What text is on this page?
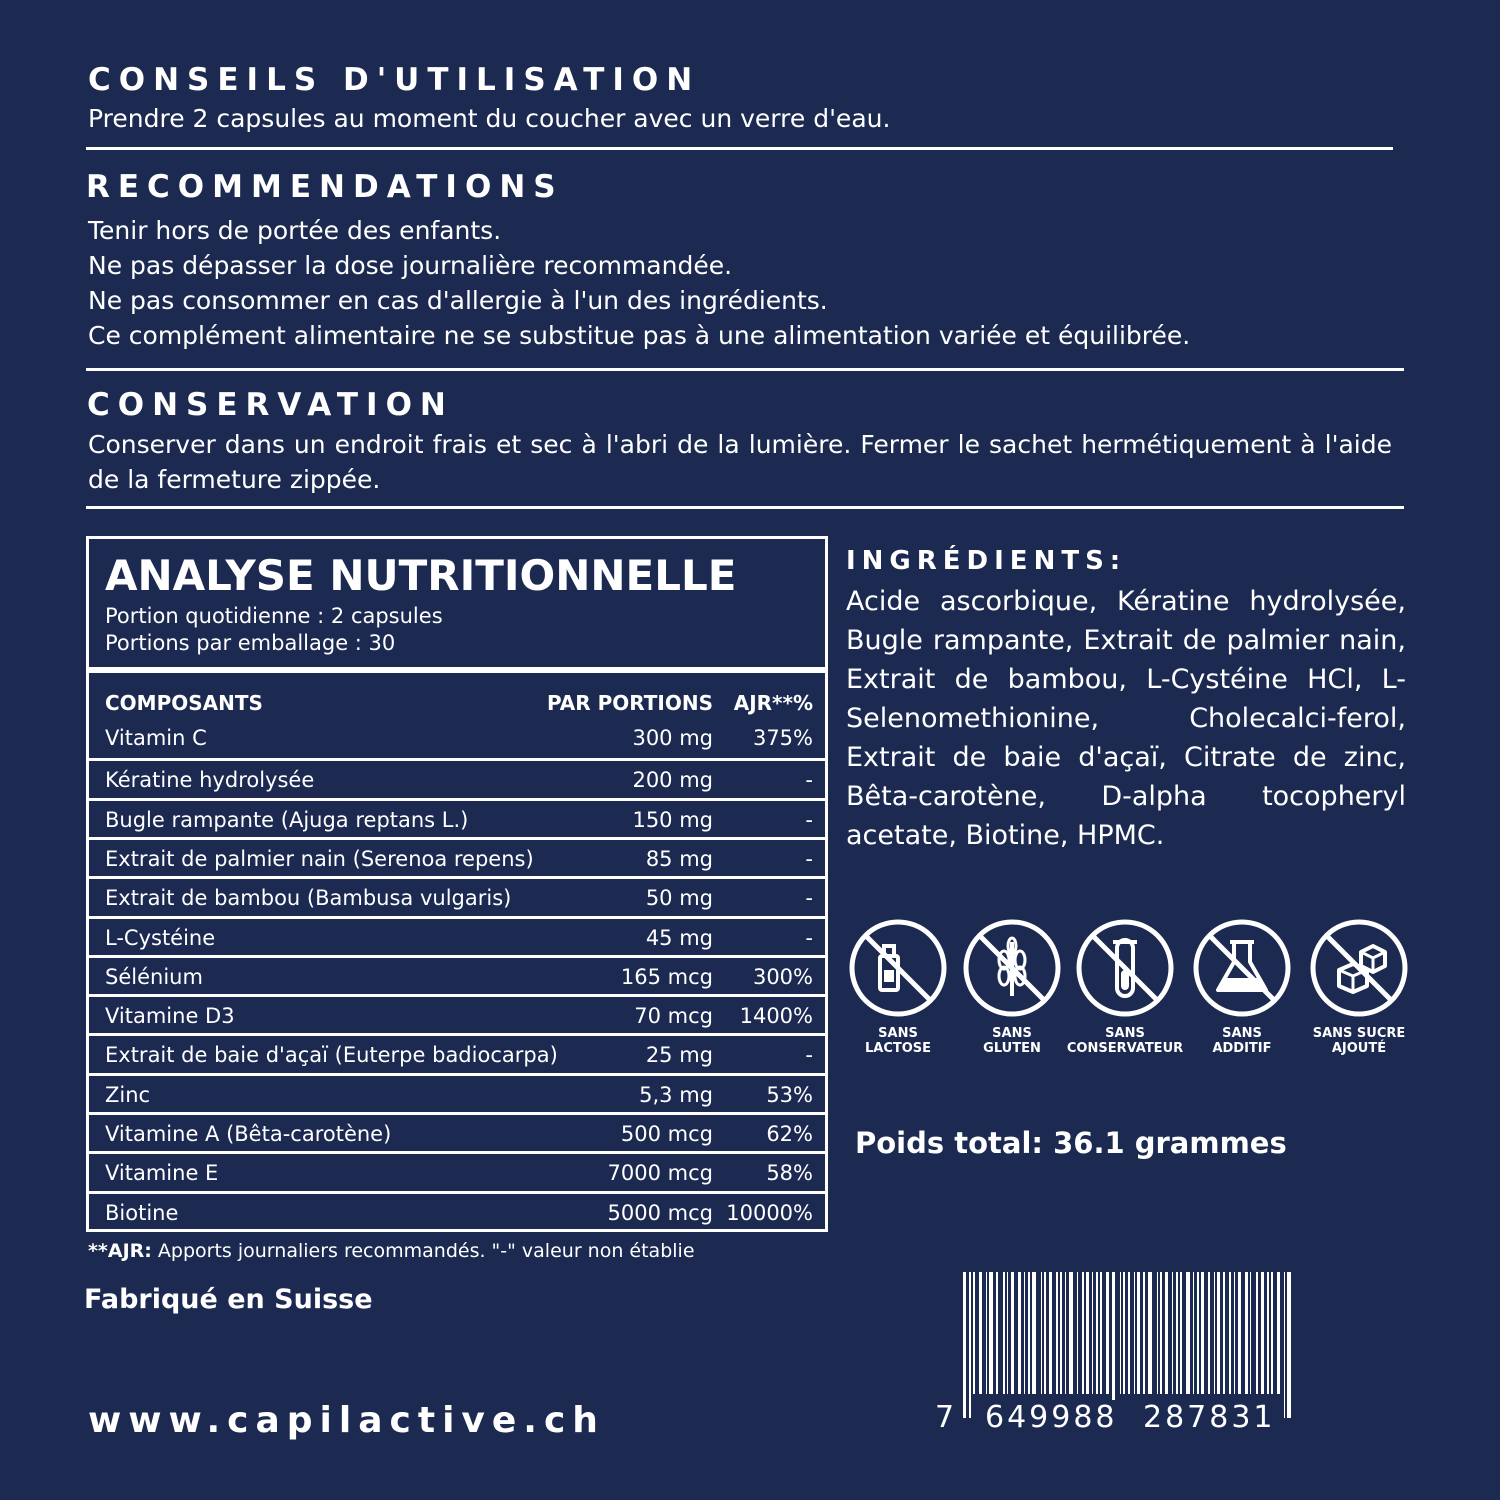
CONSEILS D'UTILISATION
Prendre 2 capsules au moment du coucher avec un verre d'eau.
RECOMMENDATIONS
Tenir hors de portée des enfants.
Ne pas dépasser la dose journalière recommandée.
Ne pas consommer en cas d'allergie à l'un des ingrédients.
Ce complément alimentaire ne se substitue pas à une alimentation variée et équilibrée.
CONSERVATION
Conserver dans un endroit frais et sec à l'abri de la lumière. Fermer le sachet hermétiquement à l'aide de la fermeture zippée.
ANALYSE NUTRITIONNELLE
Portion quotidienne : 2 capsules
Portions par emballage : 30
COMPOSANTS	PAR PORTIONS AJR**%
Vitamin C	300 mg 375%
Kératine hydrolysée	200 mg	-
Bugle rampante (Ajuga reptans L.)	150 mg	-
Extrait de palmier nain (Serenoa repens)	85 mg	-
Extrait de bambou (Bambusa vulgaris)	50 mg	-
L-Cystéine	45 mg	-
Sélénium	165 mcg 300%
Vitamine D3	70 mcg 1400%
Extrait de baie d'açaï (Euterpe badiocarpa)	25 mg	-
Zinc	5,3 mg	53%
Vitamine A (Bêta-carotène)	500 mcg	62%
Vitamine E	7000 mcg	58%
Biotine	5000 mcg 10000%
**AJR: Apports journaliers recommandés. "-" valeur non établie
Fabriqué en Suisse
www.capilactive.ch
INGRÉDIENTS:
Acide ascorbique, Kératine hydrolysée, Bugle rampante, Extrait de palmier nain, Extrait de bambou, L-Cystéine HCl, L-Selenomethionine, Cholecalci-ferol, Extrait de baie d'açaï, Citrate de zinc, Bêta-carotène, D-alpha tocopheryl acetate, Biotine, HPMC.
SANS
LACTOSE
SANS
GLUTEN
SANS
CONSERVATEUR
SANS
ADDITIF
SANS SUCRE
AJOUTÉ
Poids total: 36.1 grammes
7 649988 287831
